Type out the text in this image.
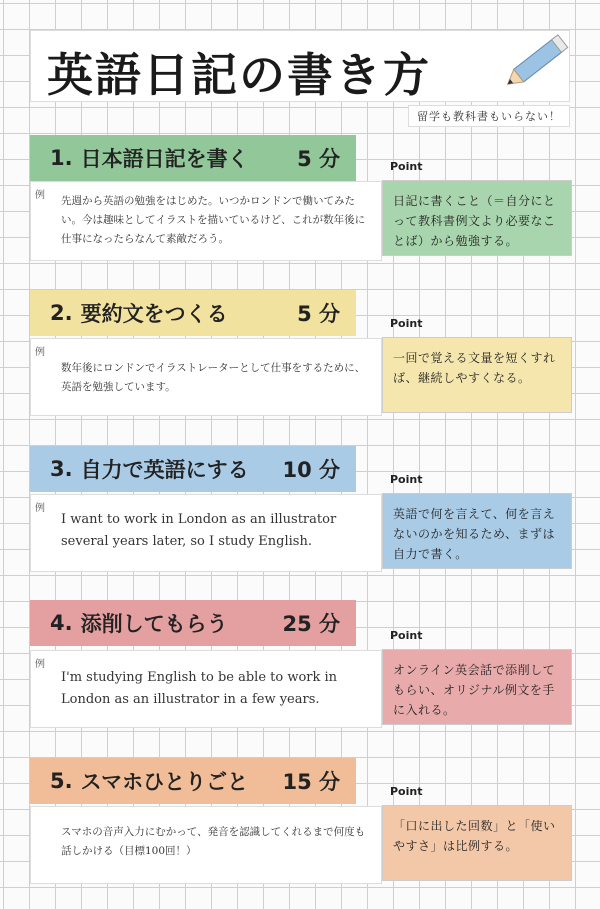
英語日記の書き方
留学も教科書もいらない！
1. 日本語日記を書く	5 分	Point
例 先週から英語の勉強をはじめた。いつかロンドンで働いてみたい。今は趣味としてイラストを描いているけど、これが数年後に仕事になったらなんて素敵だろう。
日記に書くこと（＝自分にとって教科書例文より必要なことば）から勉強する。
2. 要約文をつくる	5 分	Point
例
数年後にロンドンでイラストレーターとして仕事をするために、英語を勉強しています。
一回で覚える文量を短くすれば、継続しやすくなる。
3. 自力で英語にする	10 分	Point
例
I want to work in London as an illustrator several years later, so I study English.
英語で何を言えて、何を言えないのかを知るため、まずは自力で書く。
4. 添削してもらう	25 分	Point
例
I'm studying English to be able to work in London as an illustrator in a few years.
オンライン英会話で添削してもらい、オリジナル例文を手に入れる。
5. スマホひとりごと	15 分	Point
スマホの音声入力にむかって、発音を認識してくれるまで何度も話しかける（目標100回！）
「口に出した回数」と「使いやすさ」は比例する。
